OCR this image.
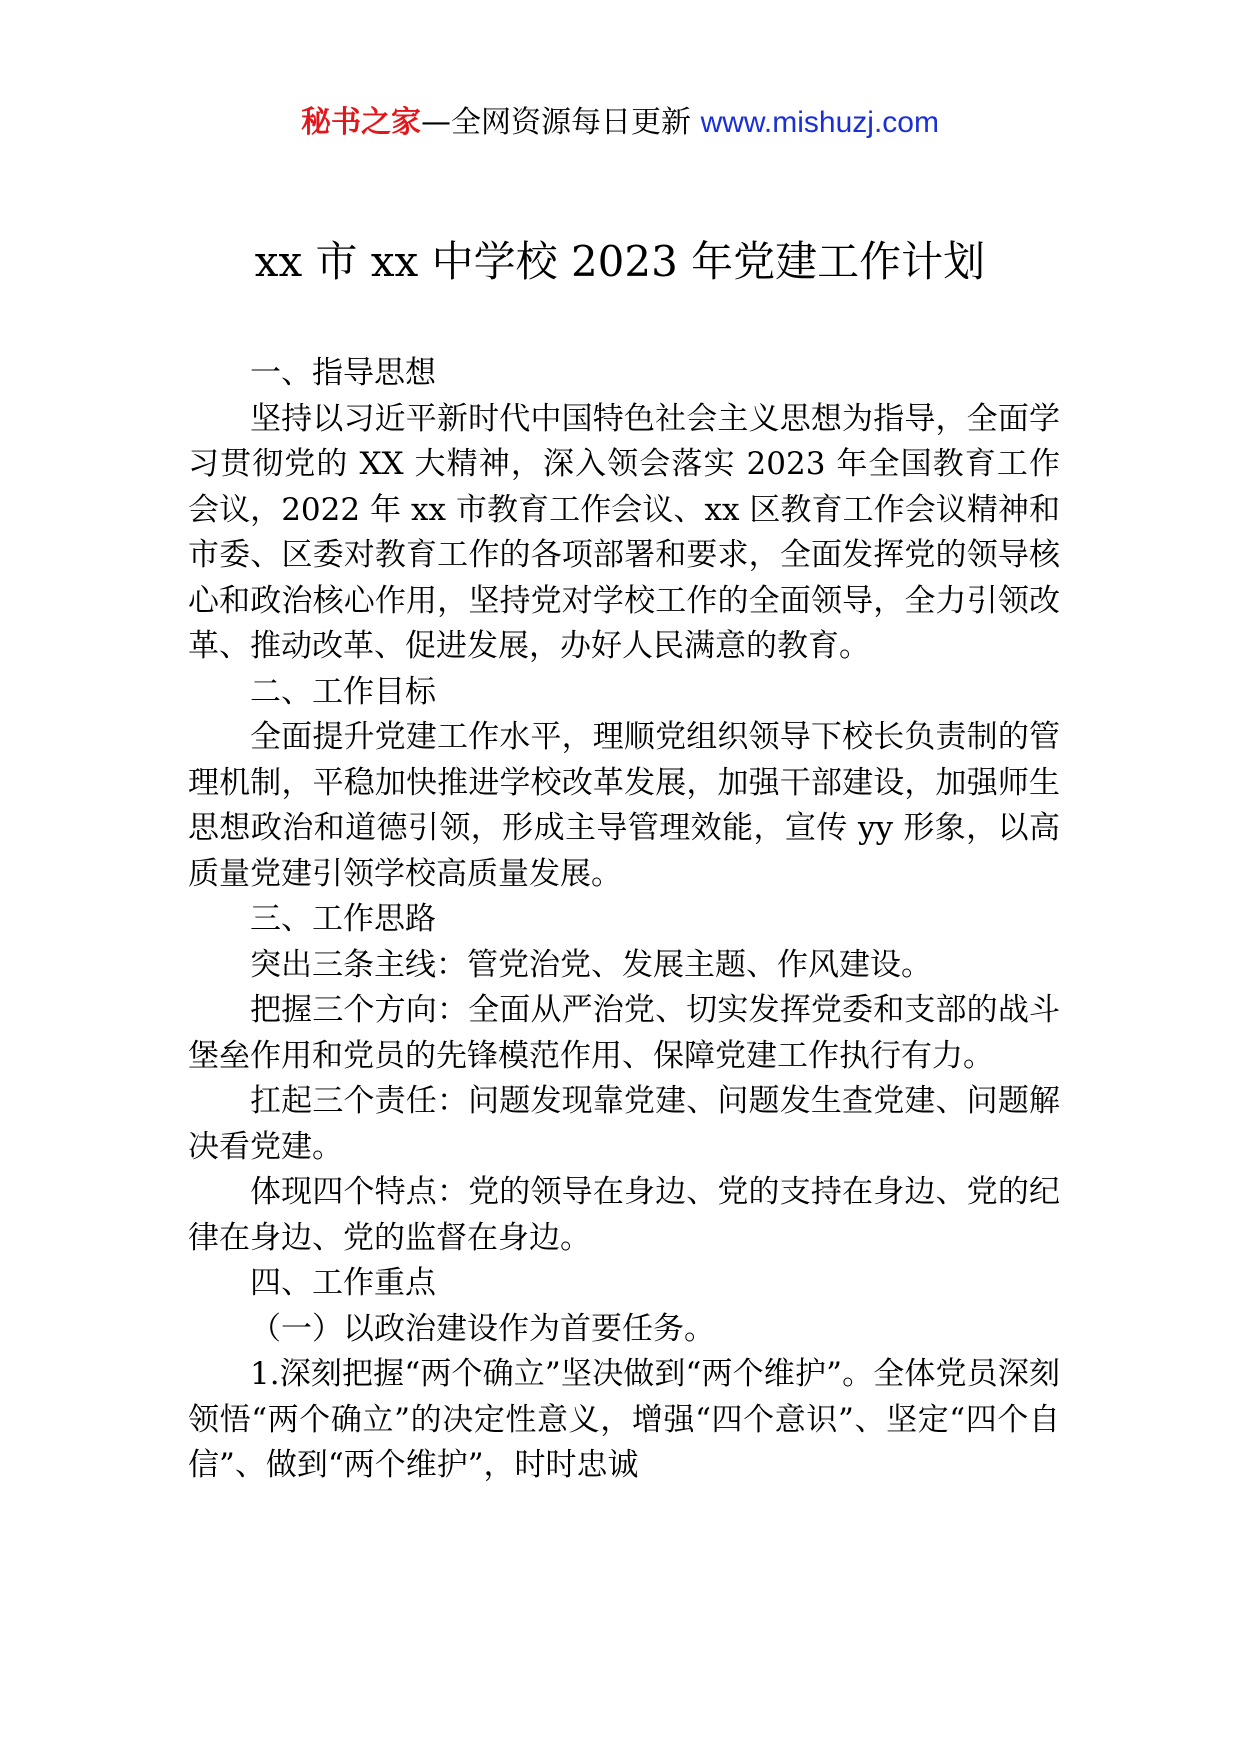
秘书之家—全网资源每日更新 www.mishuzj.com
xx 市 xx 中学校 2023 年党建工作计划

一、指导思想

坚持以习近平新时代中国特色社会主义思想为指导，全面学习贯彻党的 XX 大精神，深入领会落实 2023 年全国教育工作会议，2022 年 xx 市教育工作会议、xx 区教育工作会议精神和市委、区委对教育工作的各项部署和要求，全面发挥党的领导核心和政治核心作用，坚持党对学校工作的全面领导，全力引领改革、推动改革、促进发展，办好人民满意的教育。

二、工作目标

全面提升党建工作水平，理顺党组织领导下校长负责制的管理机制，平稳加快推进学校改革发展，加强干部建设，加强师生思想政治和道德引领，形成主导管理效能，宣传 yy 形象，以高质量党建引领学校高质量发展。

三、工作思路

突出三条主线：管党治党、发展主题、作风建设。

把握三个方向：全面从严治党、切实发挥党委和支部的战斗堡垒作用和党员的先锋模范作用、保障党建工作执行有力。

扛起三个责任：问题发现靠党建、问题发生查党建、问题解决看党建。

体现四个特点：党的领导在身边、党的支持在身边、党的纪律在身边、党的监督在身边。

四、工作重点

（一）以政治建设作为首要任务。

1.深刻把握“两个确立”坚决做到“两个维护”。全体党员深刻领悟“两个确立”的决定性意义，增强“四个意识”、坚定“四个自信”、做到“两个维护”，时时忠诚
